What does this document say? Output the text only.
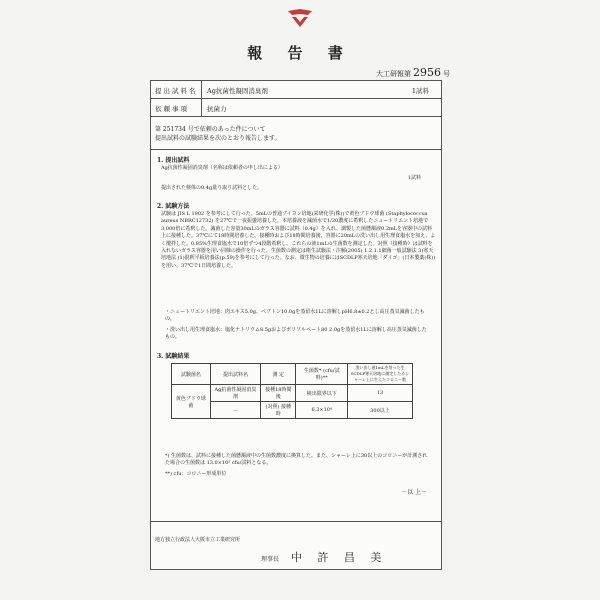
報 告 書
大工研報第 2956 号
提出試料名 Ag抗菌性凝固消臭剤	1試料
依頼事項	抗菌力
第 251734 号で依頼のあった件について
提出試料の試験結果を次のとおり報告します。
1. 提出試料
Ag抗菌性凝固消臭剤（名称は依頼者の申し出による）
1試料
提出された検体の0.4g量り取り試料とした。
2. 試験方法
試験は JIS L 1902 を参考にして行った。5mLの普通ブイヨン培地(栄研化学(株))で黄色ブドウ球菌 (Staphylococcus aureus NBRC12732) を27℃で一夜振盪培養した。本培養液を滅菌水で1/20濃度に希釈したニュートリエント培地で3,000倍に希釈した。滅菌した容量30mLのガラス容器に試料（0.4g）を入れ、調製した菌懸濁液0.2mLを容器中の試料上に接種した。37℃にて18時間培養した。接種時および18時間培養後、容器に20mLの洗い出し用生理食塩水を加え、よく攪拌した。0.85%生理食塩水で10倍ずつ4段階希釈し、これらの液1mLの生菌数を測定した。対照（接種時）は試料を入れないガラス容器を用い同様の操作を行った。生菌数の測定は衛生試験法・注解(2005) 1.2.1.1細菌一般試験法 3)寒天培地法 (1)混釈平板培養法(p.59)を参考にして行った。なお、微生物の培養にはSCDLP寒天培地「ダイゴ」(日本製薬(株))を用い、37℃で1日間培養した。
・ニュートリエント培地：肉エキス5.0g、ペプトン10.0gを蒸留水1Lに溶解しpH6.8±0.2とし高圧蒸気滅菌したもの。
・洗い出し用生理食塩水：塩化ナトリウム8.5gおよびポリソルベート80 2.0gを蒸留水1Lに溶解し高圧蒸気滅菌したもの。
3. 試験結果
試験菌名	提出試料名	測 定	生菌数* (cfu/試料)**	洗い出し液1mLを培った生SCDLP寒天培地に測定したるシャーレ上に生えたコロニー数
黄色ブドウ球菌	Ag抗菌性凝固消臭剤	接種18時間後	検出限界以下	13
	－	(対照) 接種時	6.3×10⁴	300以上
*) 生菌数は、試料に接種した菌懸濁液中の生菌数濃度に換算した。また、シャーレ上に30以上のコロニーが計測された場合の生菌数は 13.0×10³ cfu/試料となる。
**) cfu：コロニー形成単位
－以 上－
地方独立行政法人大阪市立工業研究所
理事長 中 許 昌 美
